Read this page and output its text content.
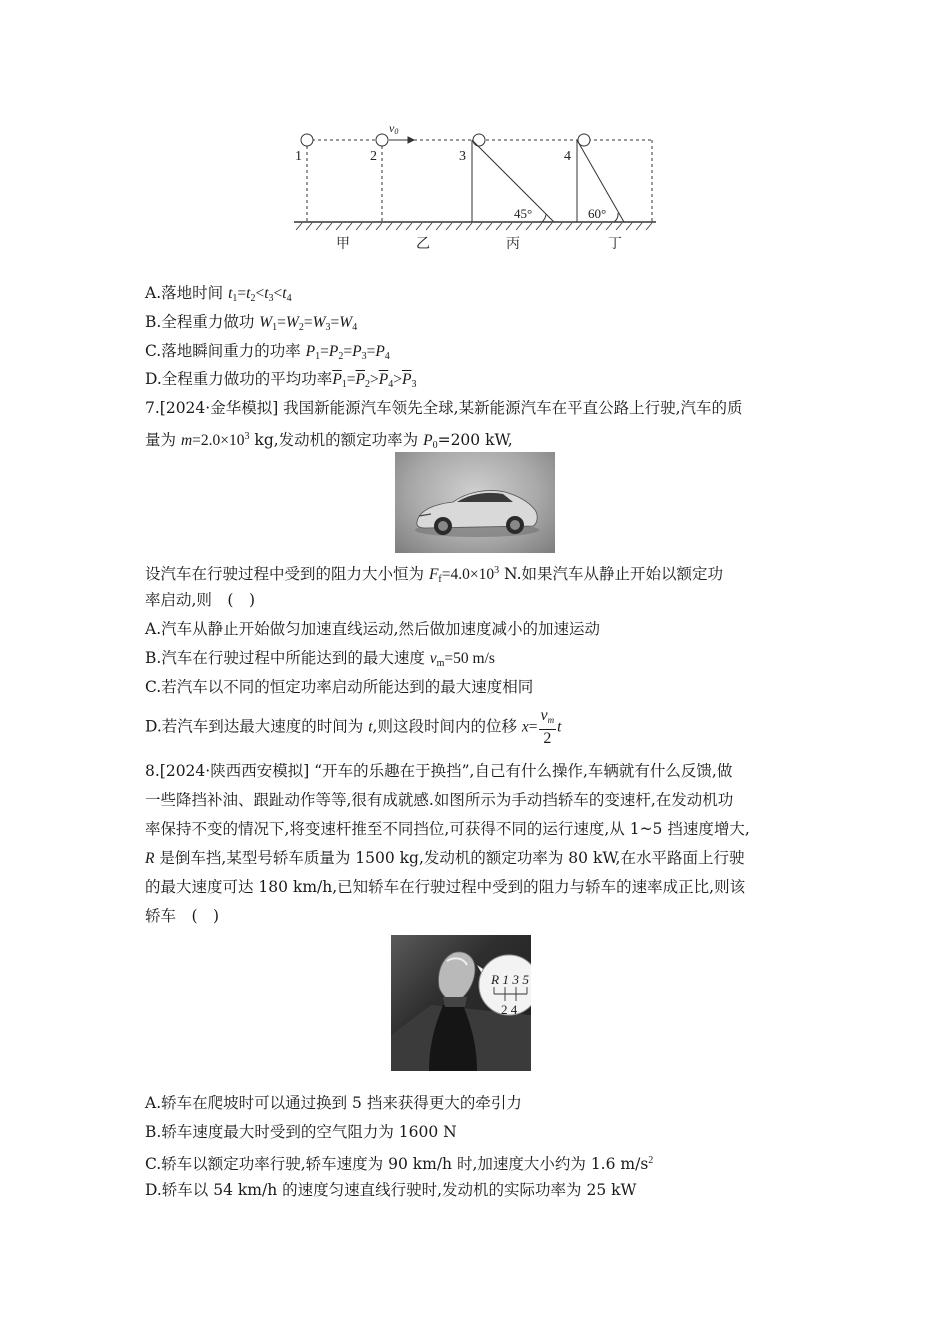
v0
1	2	3	4
45°	60°
甲	乙	丙	丁
A.落地时间 $t_1=t_2<t_3<t_4$
B.全程重力做功 $W_1=W_2=W_3=W_4$
C.落地瞬间重力的功率 $P_1=P_2=P_3=P_4$
D.全程重力做功的平均功率$\overline{P}_1=\overline{P}_2>\overline{P}_4>\overline{P}_3$
7.[2024·金华模拟] 我国新能源汽车领先全球,某新能源汽车在平直公路上行驶,汽车的质
量为 $m=2.0\times 10^3$ kg,发动机的额定功率为 $P_0=200$ kW,
设汽车在行驶过程中受到的阻力大小恒为 $F_f=4.0\times 10^3$ N.如果汽车从静止开始以额定功
率启动,则　(　)
A.汽车从静止开始做匀加速直线运动,然后做加速度减小的加速运动
B.汽车在行驶过程中所能达到的最大速度 $v_m=50$ m/s
C.若汽车以不同的恒定功率启动所能达到的最大速度相同
D.若汽车到达最大速度的时间为 t,则这段时间内的位移 $x= \frac{v_m}{2}$ t
8.[2024·陕西西安模拟] “开车的乐趣在于换挡”,自己有什么操作,车辆就有什么反馈,做
一些降挡补油、跟趾动作等等,很有成就感.如图所示为手动挡轿车的变速杆,在发动机功
率保持不变的情况下,将变速杆推至不同挡位,可获得不同的运行速度,从 1~5 挡速度增大,
R 是倒车挡,某型号轿车质量为 1500 kg,发动机的额定功率为 80 kW,在水平路面上行驶
的最大速度可达 180 km/h,已知轿车在行驶过程中受到的阻力与轿车的速率成正比,则该
轿车　(　)
R 1 3 5
2 4
A.轿车在爬坡时可以通过换到 5 挡来获得更大的牵引力
B.轿车速度最大时受到的空气阻力为 1600 N
C.轿车以额定功率行驶,轿车速度为 90 km/h 时,加速度大小约为 1.6 $m/s^2$
D.轿车以 54 km/h 的速度匀速直线行驶时,发动机的实际功率为 25 kW
